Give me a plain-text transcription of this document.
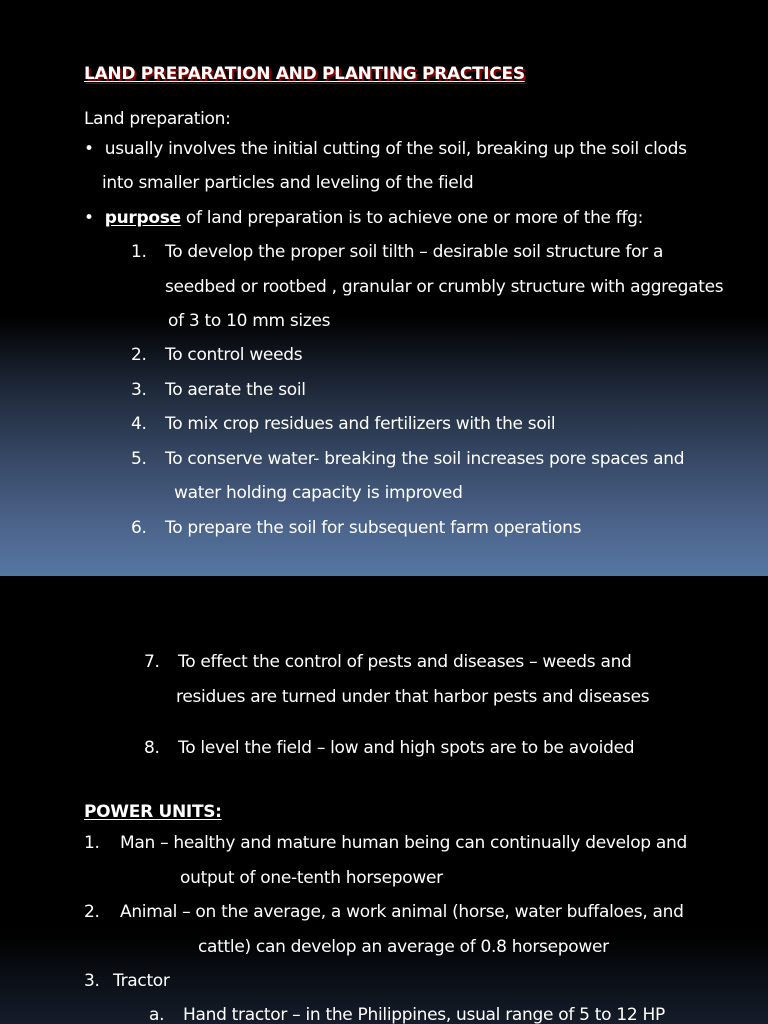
LAND PREPARATION AND PLANTING PRACTICES
Land preparation:
• usually involves the initial cutting of the soil, breaking up the soil clods
into smaller particles and leveling of the field
• purpose of land preparation is to achieve one or more of the ffg:
1. To develop the proper soil tilth – desirable soil structure for a
seedbed or rootbed , granular or crumbly structure with aggregates
of 3 to 10 mm sizes
2. To control weeds
3. To aerate the soil
4. To mix crop residues and fertilizers with the soil
5. To conserve water- breaking the soil increases pore spaces and
water holding capacity is improved
6. To prepare the soil for subsequent farm operations
7. To effect the control of pests and diseases – weeds and
residues are turned under that harbor pests and diseases
8. To level the field – low and high spots are to be avoided
POWER UNITS:
1. Man – healthy and mature human being can continually develop and
output of one-tenth horsepower
2. Animal – on the average, a work animal (horse, water buffaloes, and
cattle) can develop an average of 0.8 horsepower
3. Tractor
a. Hand tractor – in the Philippines, usual range of 5 to 12 HP
